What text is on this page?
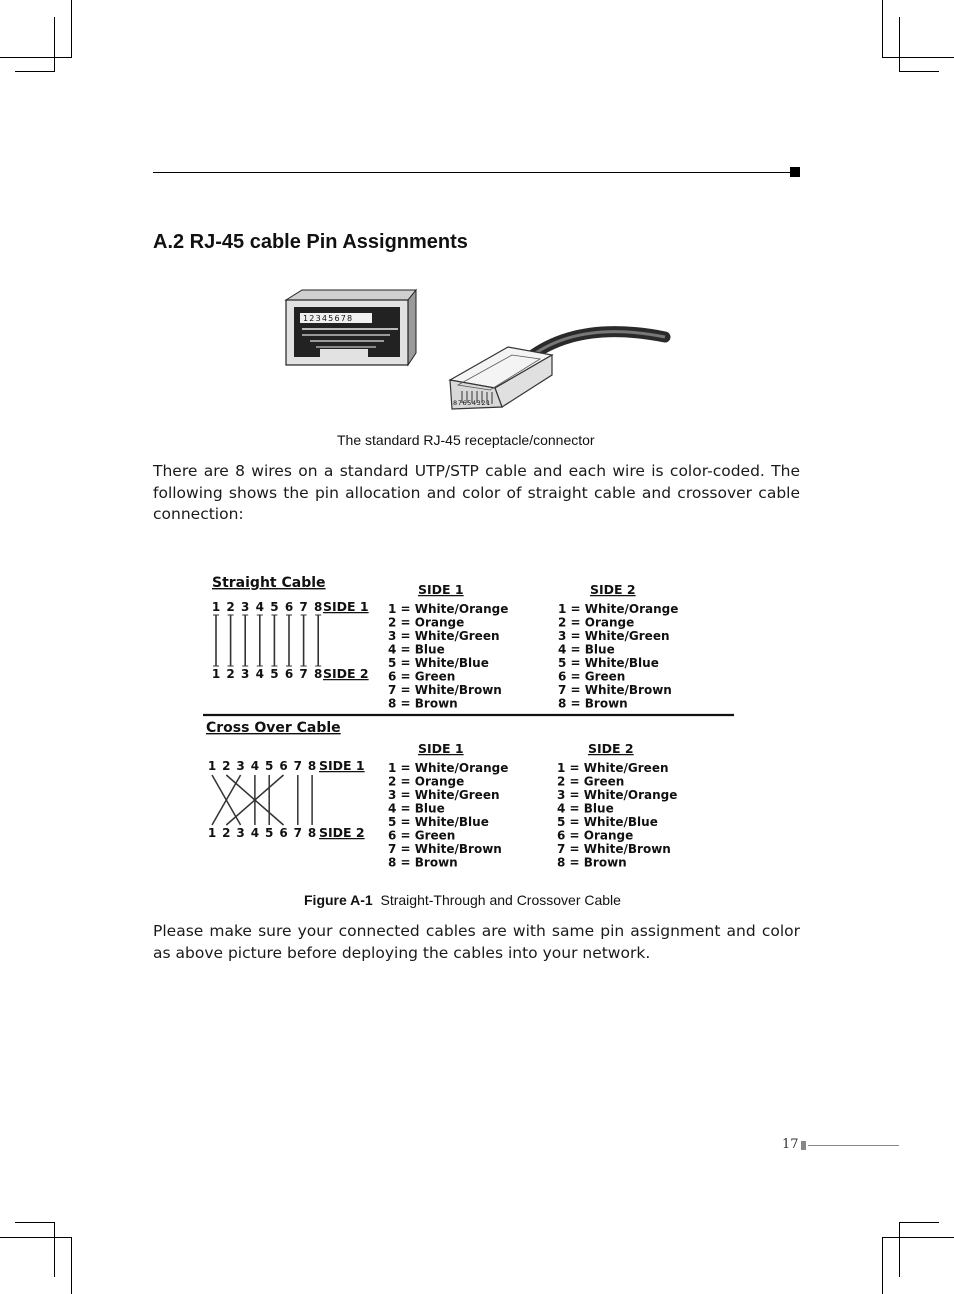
A.2 RJ-45 cable Pin Assignments
12345678
87654321
The standard RJ-45 receptacle/connector
There are 8 wires on a standard UTP/STP cable and each wire is color-coded. The following shows the pin allocation and color of straight cable and crossover cable connection:
Straight Cable
1 2 3 4 5 6 7 8 SIDE 1
1 2 3 4 5 6 7 8 SIDE 2
SIDE 1	SIDE 2
1 = White/Orange
2 = Orange
3 = White/Green
4 = Blue
5 = White/Blue
6 = Green
7 = White/Brown
8 = Brown
1 = White/Orange
2 = Orange
3 = White/Green
4 = Blue
5 = White/Blue
6 = Green
7 = White/Brown
8 = Brown
Cross Over Cable
1 2 3 4 5 6 7 8 SIDE 1
1 2 3 4 5 6 7 8 SIDE 2
SIDE 1	SIDE 2
1 = White/Orange
2 = Orange
3 = White/Green
4 = Blue
5 = White/Blue
6 = Green
7 = White/Brown
8 = Brown
1 = White/Green
2 = Green
3 = White/Orange
4 = Blue
5 = White/Blue
6 = Orange
7 = White/Brown
8 = Brown
Figure A-1 Straight-Through and Crossover Cable
Please make sure your connected cables are with same pin assignment and color as above picture before deploying the cables into your network.
17
